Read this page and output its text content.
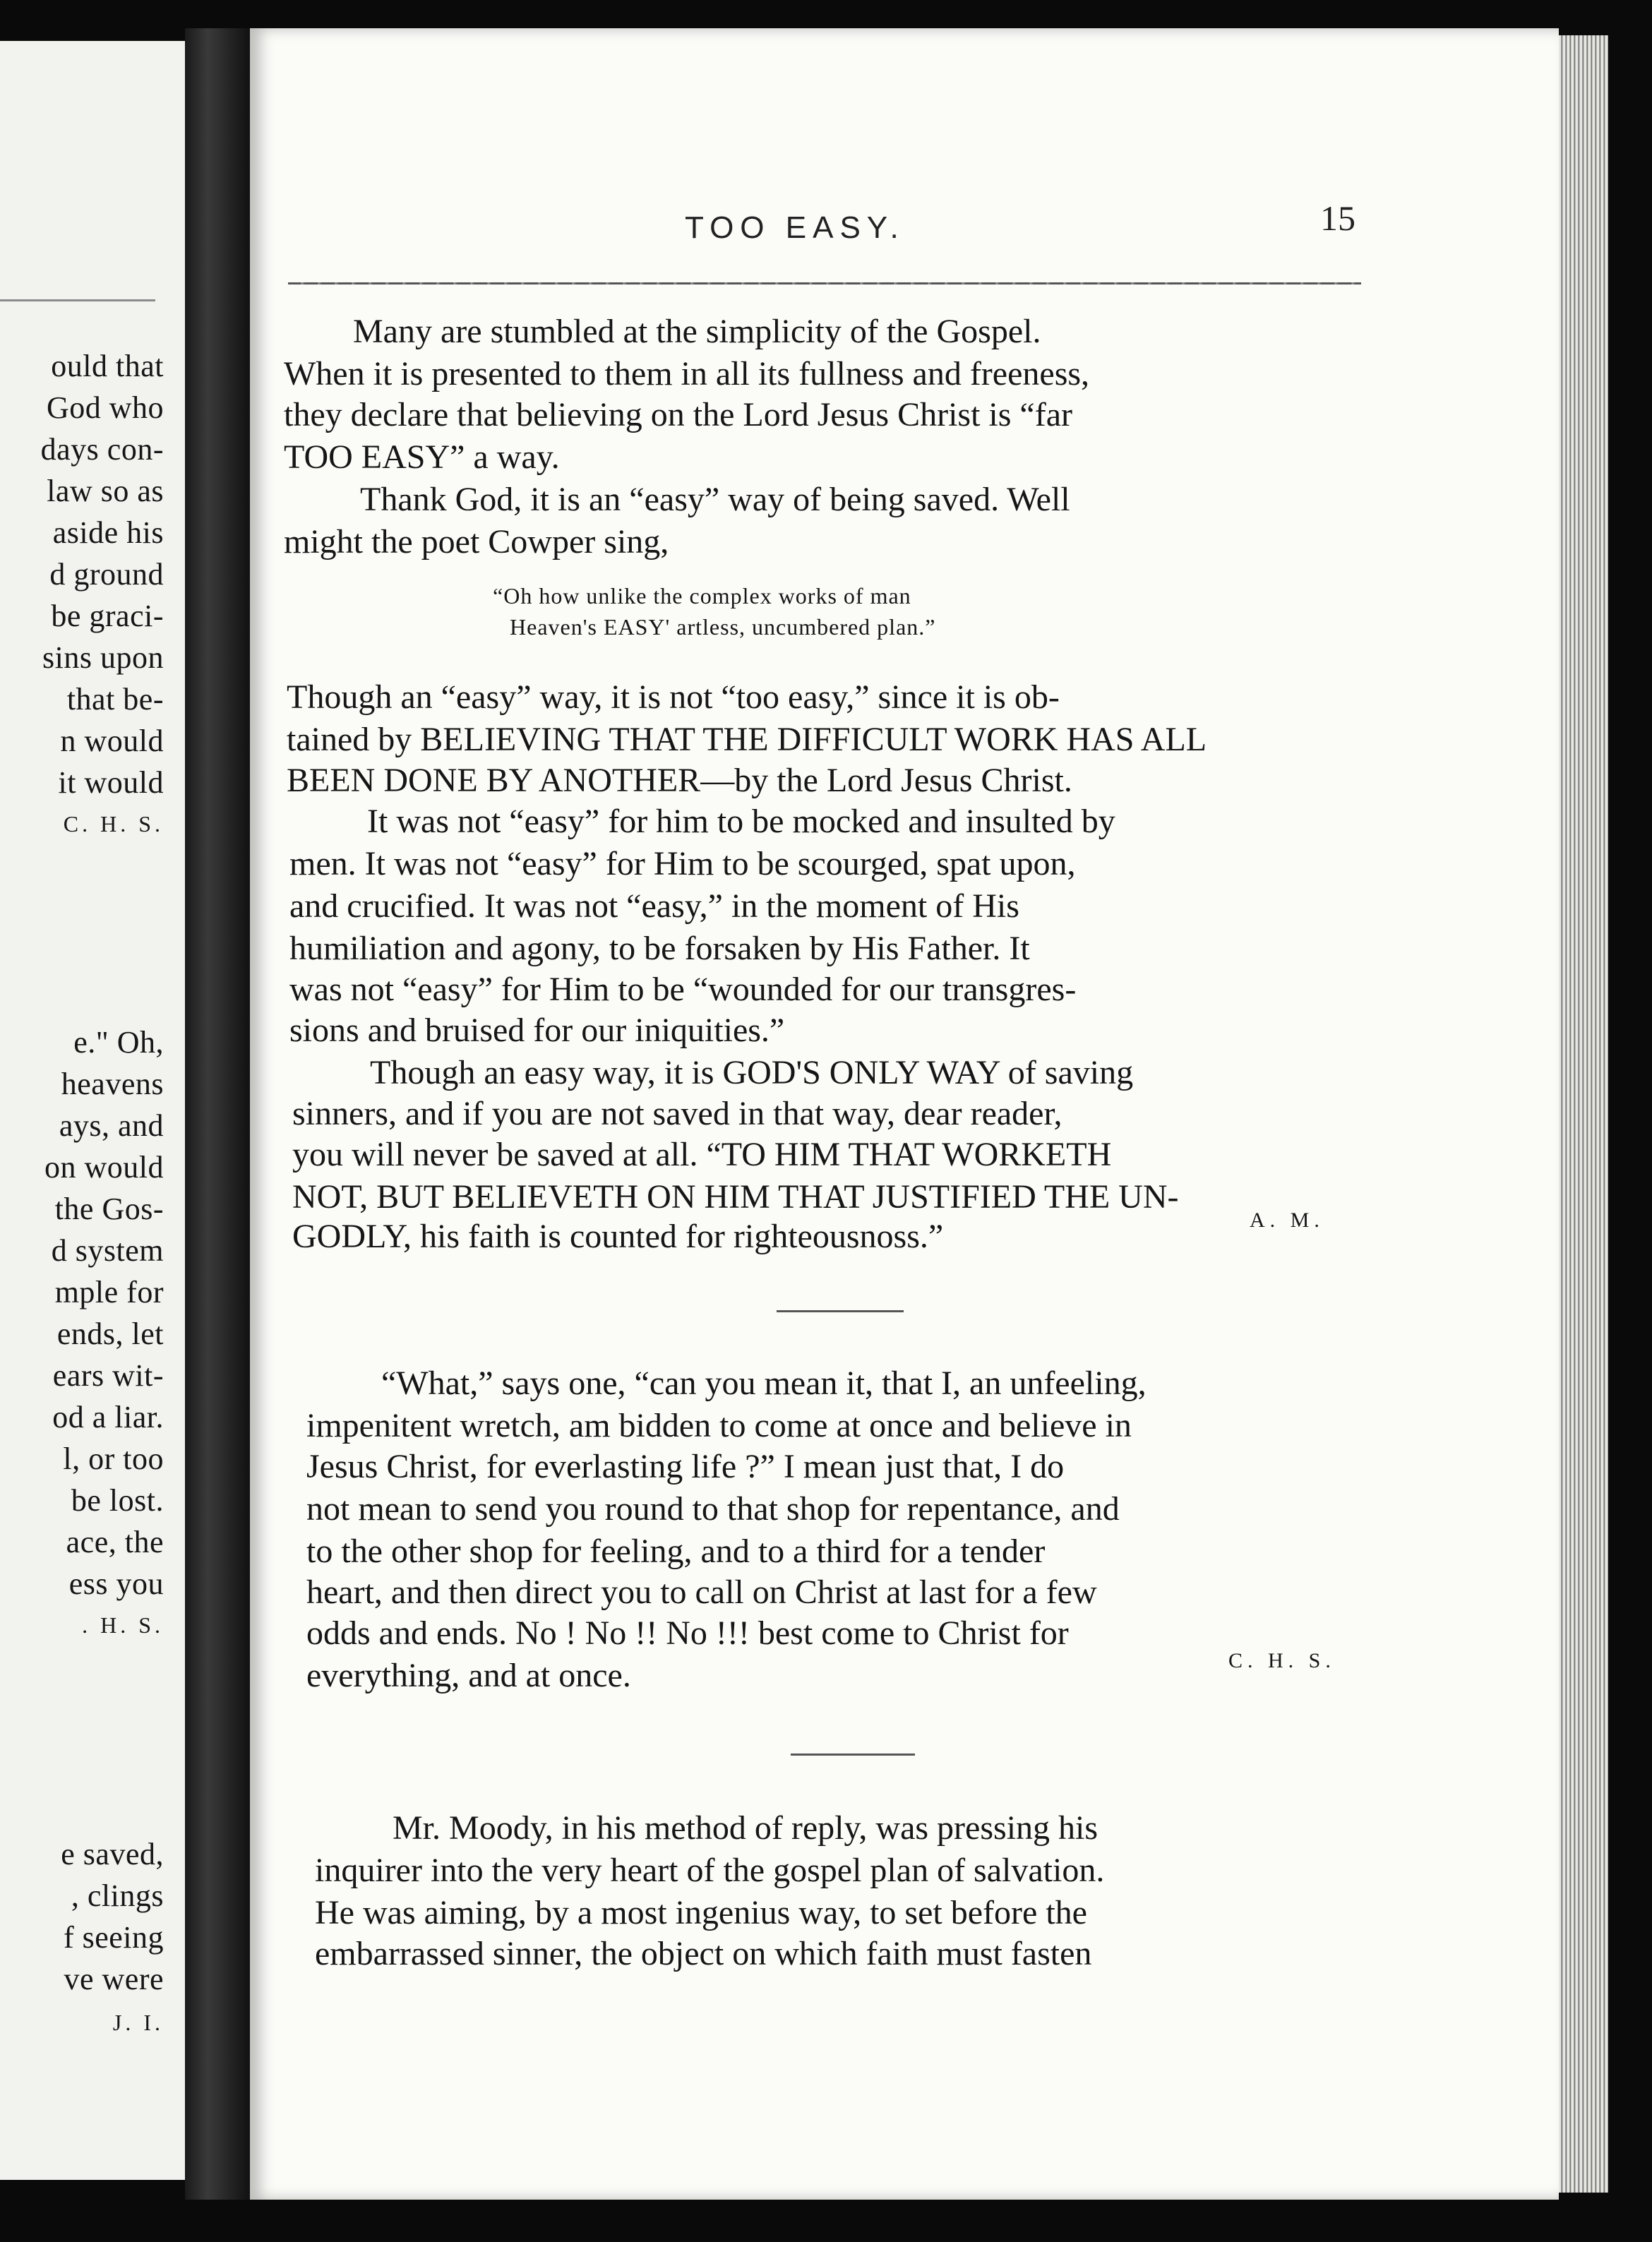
ould that
God who
days con-
law so as
aside his
d ground
be graci-
sins upon
that be-
n would
it would
C. H. S.
e." Oh,
heavens
ays, and
on would
the Gos-
d system
mple for
ends, let
ears wit-
od a liar.
l, or too
be lost.
ace, the
ess you
. H. S.
e saved,
, clings
f seeing
ve were
J. I.
TOO EASY.	15
Many are stumbled at the simplicity of the Gospel.
When it is presented to them in all its fullness and freeness,
they declare that believing on the Lord Jesus Christ is “far
TOO EASY” a way.
Thank God, it is an “easy” way of being saved. Well
might the poet Cowper sing,
“Oh how unlike the complex works of man
Heaven's EASY' artless, uncumbered plan.”
Though an “easy” way, it is not “too easy,” since it is ob-
tained by BELIEVING THAT THE DIFFICULT WORK HAS ALL
BEEN DONE BY ANOTHER—by the Lord Jesus Christ.
It was not “easy” for him to be mocked and insulted by
men. It was not “easy” for Him to be scourged, spat upon,
and crucified. It was not “easy,” in the moment of His
humiliation and agony, to be forsaken by His Father. It
was not “easy” for Him to be “wounded for our transgres-
sions and bruised for our iniquities.”
Though an easy way, it is GOD'S ONLY WAY of saving
sinners, and if you are not saved in that way, dear reader,
you will never be saved at all. “TO HIM THAT WORKETH
NOT, BUT BELIEVETH ON HIM THAT JUSTIFIED THE UN-
GODLY, his faith is counted for righteousnoss.”	A. M.
“What,” says one, “can you mean it, that I, an unfeeling,
impenitent wretch, am bidden to come at once and believe in
Jesus Christ, for everlasting life ?” I mean just that, I do
not mean to send you round to that shop for repentance, and
to the other shop for feeling, and to a third for a tender
heart, and then direct you to call on Christ at last for a few
odds and ends. No ! No !! No !!! best come to Christ for
everything, and at once.	C. H. S.
Mr. Moody, in his method of reply, was pressing his
inquirer into the very heart of the gospel plan of salvation.
He was aiming, by a most ingenius way, to set before the
embarrassed sinner, the object on which faith must fasten
